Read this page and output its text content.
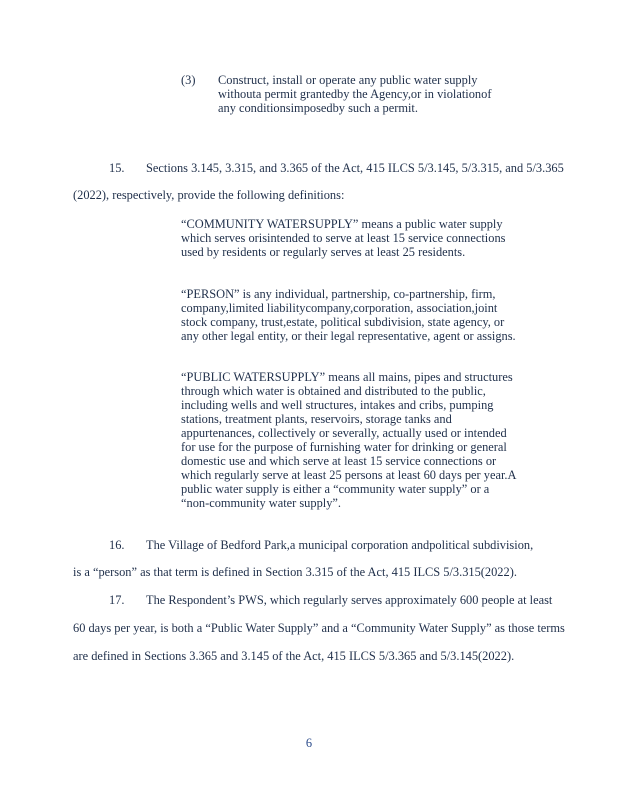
(3) Construct, install or operate any public water supply withouta permit grantedby the Agency,or in violationof any conditionsimposedby such a permit.
15. Sections 3.145, 3.315, and 3.365 of the Act, 415 ILCS 5/3.145, 5/3.315, and 5/3.365
(2022), respectively, provide the following definitions:
“COMMUNITY WATERSUPPLY” means a public water supply which serves orisintended to serve at least 15 service connections used by residents or regularly serves at least 25 residents.
“PERSON” is any individual, partnership, co-partnership, firm, company,limited liabilitycompany,corporation, association,joint stock company, trust,estate, political subdivision, state agency, or any other legal entity, or their legal representative, agent or assigns.
“PUBLIC WATERSUPPLY” means all mains, pipes and structures through which water is obtained and distributed to the public, including wells and well structures, intakes and cribs, pumping stations, treatment plants, reservoirs, storage tanks and appurtenances, collectively or severally, actually used or intended for use for the purpose of furnishing water for drinking or general domestic use and which serve at least 15 service connections or which regularly serve at least 25 persons at least 60 days per year.A public water supply is either a “community water supply” or a “non-community water supply”.
16. The Village of Bedford Park,a municipal corporation andpolitical subdivision,
is a “person” as that term is defined in Section 3.315 of the Act, 415 ILCS 5/3.315(2022).
17. The Respondent’s PWS, which regularly serves approximately 600 people at least
60 days per year, is both a “Public Water Supply” and a “Community Water Supply” as those terms
are defined in Sections 3.365 and 3.145 of the Act, 415 ILCS 5/3.365 and 5/3.145(2022).
6
